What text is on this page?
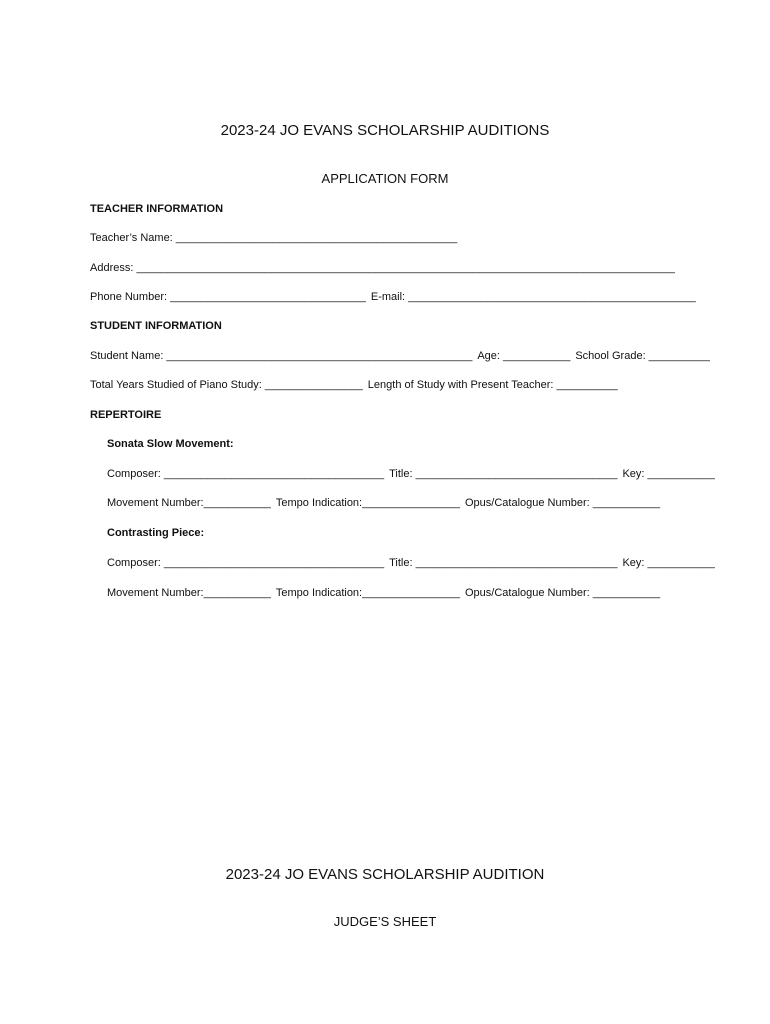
2023-24 JO EVANS SCHOLARSHIP AUDITIONS
APPLICATION FORM
TEACHER INFORMATION
Teacher’s Name: ______________________________________________
Address: ________________________________________________________________________________________
Phone Number: ________________________________ E-mail: _______________________________________________
STUDENT INFORMATION
Student Name: __________________________________________________ Age: ___________ School Grade: __________
Total Years Studied of Piano Study: ________________ Length of Study with Present Teacher: __________
REPERTOIRE
Sonata Slow Movement:
Composer: ____________________________________ Title: _________________________________ Key: ___________
Movement Number:___________ Tempo Indication:________________ Opus/Catalogue Number: ___________
Contrasting Piece:
Composer: ____________________________________ Title: _________________________________ Key: ___________
Movement Number:___________ Tempo Indication:________________ Opus/Catalogue Number: ___________
2023-24 JO EVANS SCHOLARSHIP AUDITION
JUDGE’S SHEET
